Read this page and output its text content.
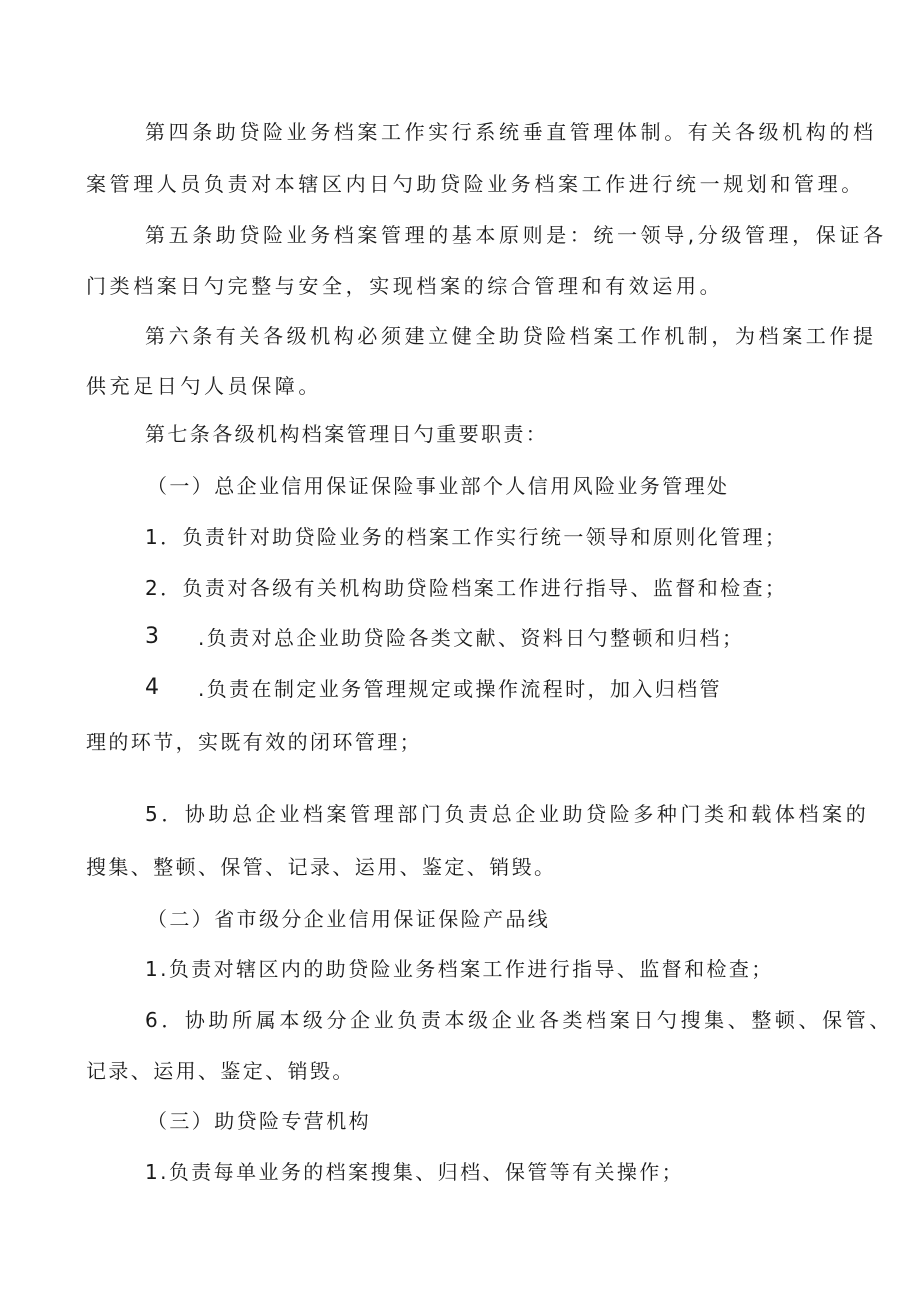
第四条助贷险业务档案工作实行系统垂直管理体制。有关各级机构的档
案管理人员负责对本辖区内日勺助贷险业务档案工作进行统一规划和管理。
第五条助贷险业务档案管理的基本原则是：统一领导,分级管理，保证各
门类档案日勺完整与安全，实现档案的综合管理和有效运用。
第六条有关各级机构必须建立健全助贷险档案工作机制，为档案工作提
供充足日勺人员保障。
第七条各级机构档案管理日勺重要职责：
（一）总企业信用保证保险事业部个人信用风险业务管理处
1．负责针对助贷险业务的档案工作实行统一领导和原则化管理；
2．负责对各级有关机构助贷险档案工作进行指导、监督和检查；
3 .负责对总企业助贷险各类文献、资料日勺整顿和归档；
4 .负责在制定业务管理规定或操作流程时，加入归档管
理的环节，实既有效的闭环管理；
5．协助总企业档案管理部门负责总企业助贷险多种门类和载体档案的
搜集、整顿、保管、记录、运用、鉴定、销毁。
（二）省市级分企业信用保证保险产品线
1.负责对辖区内的助贷险业务档案工作进行指导、监督和检查；
6．协助所属本级分企业负责本级企业各类档案日勺搜集、整顿、保管、
记录、运用、鉴定、销毁。
（三）助贷险专营机构
1.负责每单业务的档案搜集、归档、保管等有关操作；
